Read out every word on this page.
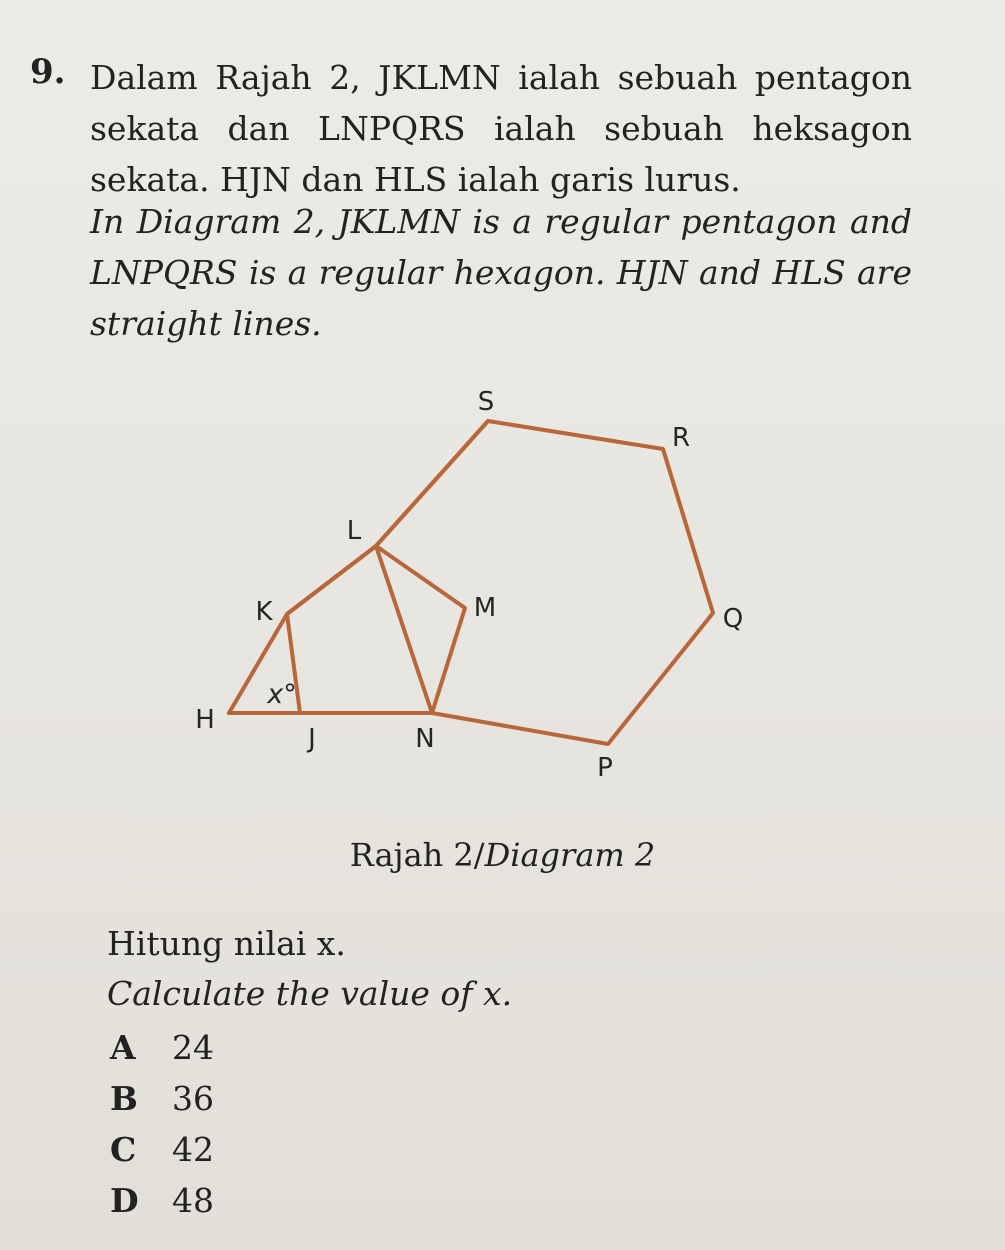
9. Dalam Rajah 2, JKLMN ialah sebuah pentagon sekata dan LNPQRS ialah sebuah heksagon sekata. HJN dan HLS ialah garis lurus.
In Diagram 2, JKLMN is a regular pentagon and LNPQRS is a regular hexagon. HJN and HLS are straight lines.
S
R
L
K	M	Q
H
J	N
P
x°
Rajah 2/Diagram 2
Hitung nilai x.
Calculate the value of x.
A	24
B	36
C	42
D	48
